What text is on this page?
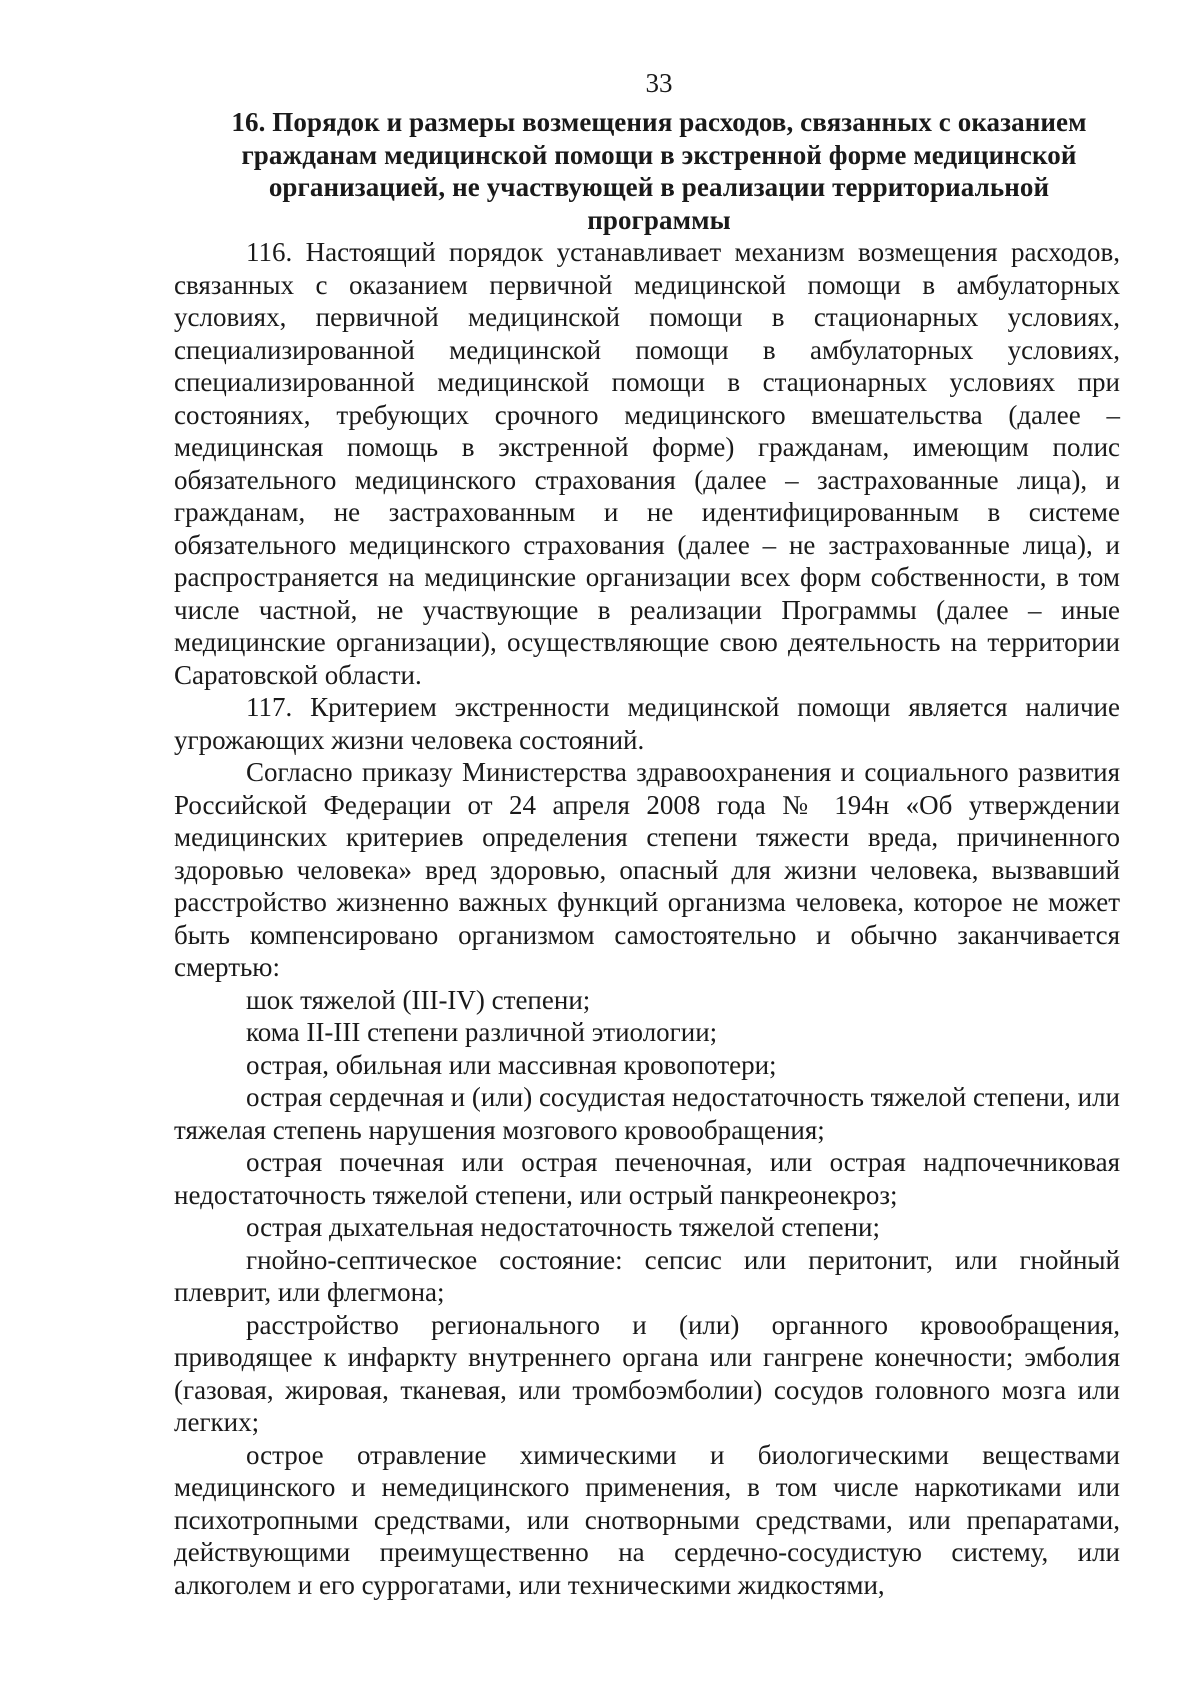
33
16. Порядок и размеры возмещения расходов, связанных с оказанием
гражданам медицинской помощи в экстренной форме медицинской
организацией, не участвующей в реализации территориальной программы

116. Настоящий порядок устанавливает механизм возмещения расходов, связанных с оказанием первичной медицинской помощи в амбулаторных условиях, первичной медицинской помощи в стационарных условиях, специализированной медицинской помощи в амбулаторных условиях, специализированной медицинской помощи в стационарных условиях при состояниях, требующих срочного медицинского вмешательства (далее – медицинская помощь в экстренной форме) гражданам, имеющим полис обязательного медицинского страхования (далее – застрахованные лица), и гражданам, не застрахованным и не идентифицированным в системе обязательного медицинского страхования (далее – не застрахованные лица), и распространяется на медицинские организации всех форм собственности, в том числе частной, не участвующие в реализации Программы (далее – иные медицинские организации), осуществляющие свою деятельность на территории Саратовской области.

117. Критерием экстренности медицинской помощи является наличие угрожающих жизни человека состояний.

Согласно приказу Министерства здравоохранения и социального развития Российской Федерации от 24 апреля 2008 года № 194н «Об утверждении медицинских критериев определения степени тяжести вреда, причиненного здоровью человека» вред здоровью, опасный для жизни человека, вызвавший расстройство жизненно важных функций организма человека, которое не может быть компенсировано организмом самостоятельно и обычно заканчивается смертью:

шок тяжелой (III-IV) степени;

кома II-III степени различной этиологии;

острая, обильная или массивная кровопотери;

острая сердечная и (или) сосудистая недостаточность тяжелой степени, или тяжелая степень нарушения мозгового кровообращения;

острая почечная или острая печеночная, или острая надпочечниковая недостаточность тяжелой степени, или острый панкреонекроз;

острая дыхательная недостаточность тяжелой степени;

гнойно-септическое состояние: сепсис или перитонит, или гнойный плеврит, или флегмона;

расстройство регионального и (или) органного кровообращения, приводящее к инфаркту внутреннего органа или гангрене конечности; эмболия (газовая, жировая, тканевая, или тромбоэмболии) сосудов головного мозга или легких;

острое отравление химическими и биологическими веществами медицинского и немедицинского применения, в том числе наркотиками или психотропными средствами, или снотворными средствами, или препаратами, действующими преимущественно на сердечно-сосудистую систему, или алкоголем и его суррогатами, или техническими жидкостями,
